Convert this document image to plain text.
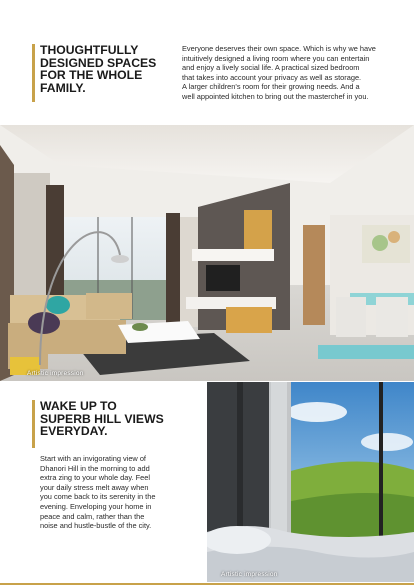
THOUGHTFULLY
DESIGNED SPACES
FOR THE WHOLE
FAMILY.

Everyone deserves their own space. Which is why we have
intuitively designed a living room where you can entertain
and enjoy a lively social life. A practical sized bedroom
that takes into account your privacy as well as storage.
A larger children's room for their growing needs. And a
well appointed kitchen to bring out the masterchef in you.

Artistic impression
WAKE UP TO
SUPERB HILL VIEWS
EVERYDAY.

Start with an invigorating view of
Dhanori Hill in the morning to add
extra zing to your whole day. Feel
your daily stress melt away when
you come back to its serenity in the
evening. Enveloping your home in
peace and calm, rather than the
noise and hustle-bustle of the city.

Artistic impression
